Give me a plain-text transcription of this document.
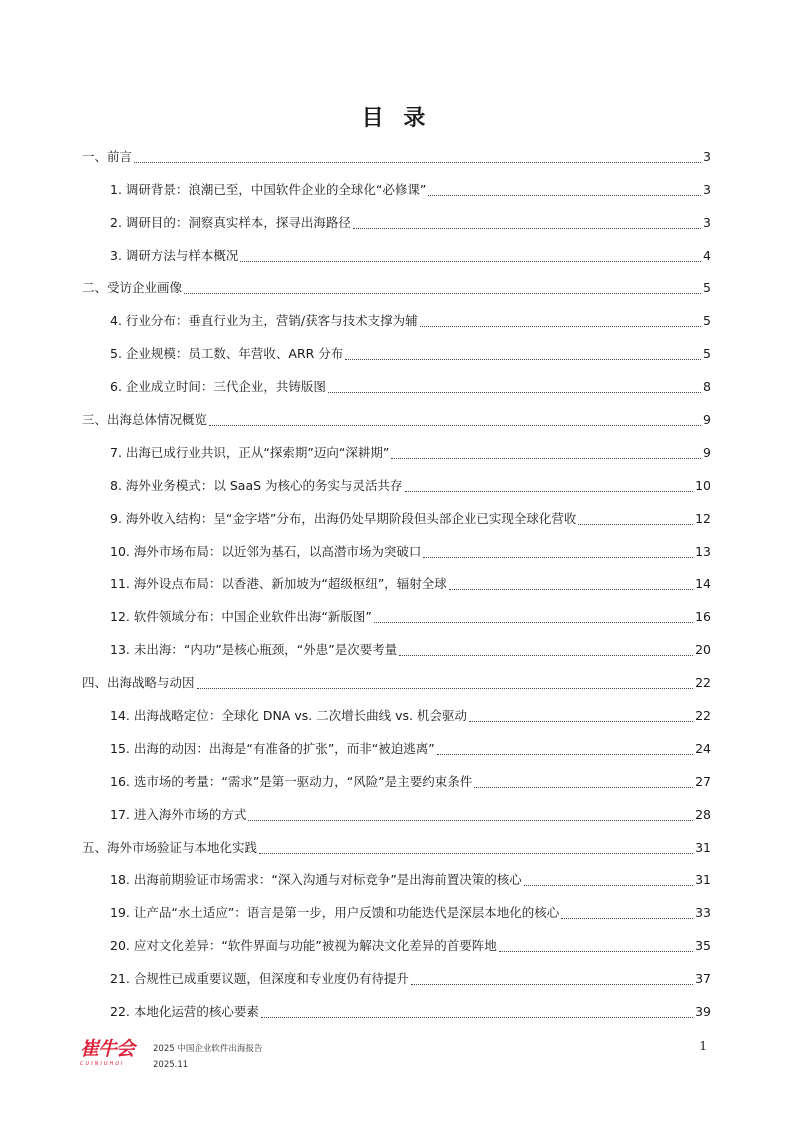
目 录
一、前言	3
1. 调研背景：浪潮已至，中国软件企业的全球化“必修课”	3
2. 调研目的：洞察真实样本，探寻出海路径	3
3. 调研方法与样本概况	4
二、受访企业画像	5
4. 行业分布：垂直行业为主，营销/获客与技术支撑为辅	5
5. 企业规模：员工数、年营收、ARR 分布	5
6. 企业成立时间：三代企业，共铸版图	8
三、出海总体情况概览	9
7. 出海已成行业共识，正从“探索期”迈向“深耕期”	9
8. 海外业务模式：以 SaaS 为核心的务实与灵活共存	10
9. 海外收入结构：呈“金字塔”分布，出海仍处早期阶段但头部企业已实现全球化营收	12
10. 海外市场布局：以近邻为基石，以高潜市场为突破口	13
11. 海外设点布局：以香港、新加坡为“超级枢纽”，辐射全球	14
12. 软件领域分布：中国企业软件出海“新版图”	16
13. 未出海：“内功”是核心瓶颈，“外患”是次要考量	20
四、出海战略与动因	22
14. 出海战略定位：全球化 DNA vs. 二次增长曲线 vs. 机会驱动	22
15. 出海的动因：出海是“有准备的扩张”，而非“被迫逃离”	24
16. 选市场的考量：“需求”是第一驱动力，“风险”是主要约束条件	27
17. 进入海外市场的方式	28
五、海外市场验证与本地化实践	31
18. 出海前期验证市场需求：“深入沟通与对标竞争”是出海前置决策的核心	31
19. 让产品“水土适应”：语言是第一步，用户反馈和功能迭代是深层本地化的核心	33
20. 应对文化差异：“软件界面与功能”被视为解决文化差异的首要阵地	35
21. 合规性已成重要议题，但深度和专业度仍有待提升	37
22. 本地化运营的核心要素	39
崔牛会
CUINIUHUI
2025 中国企业软件出海报告
2025.11
1
